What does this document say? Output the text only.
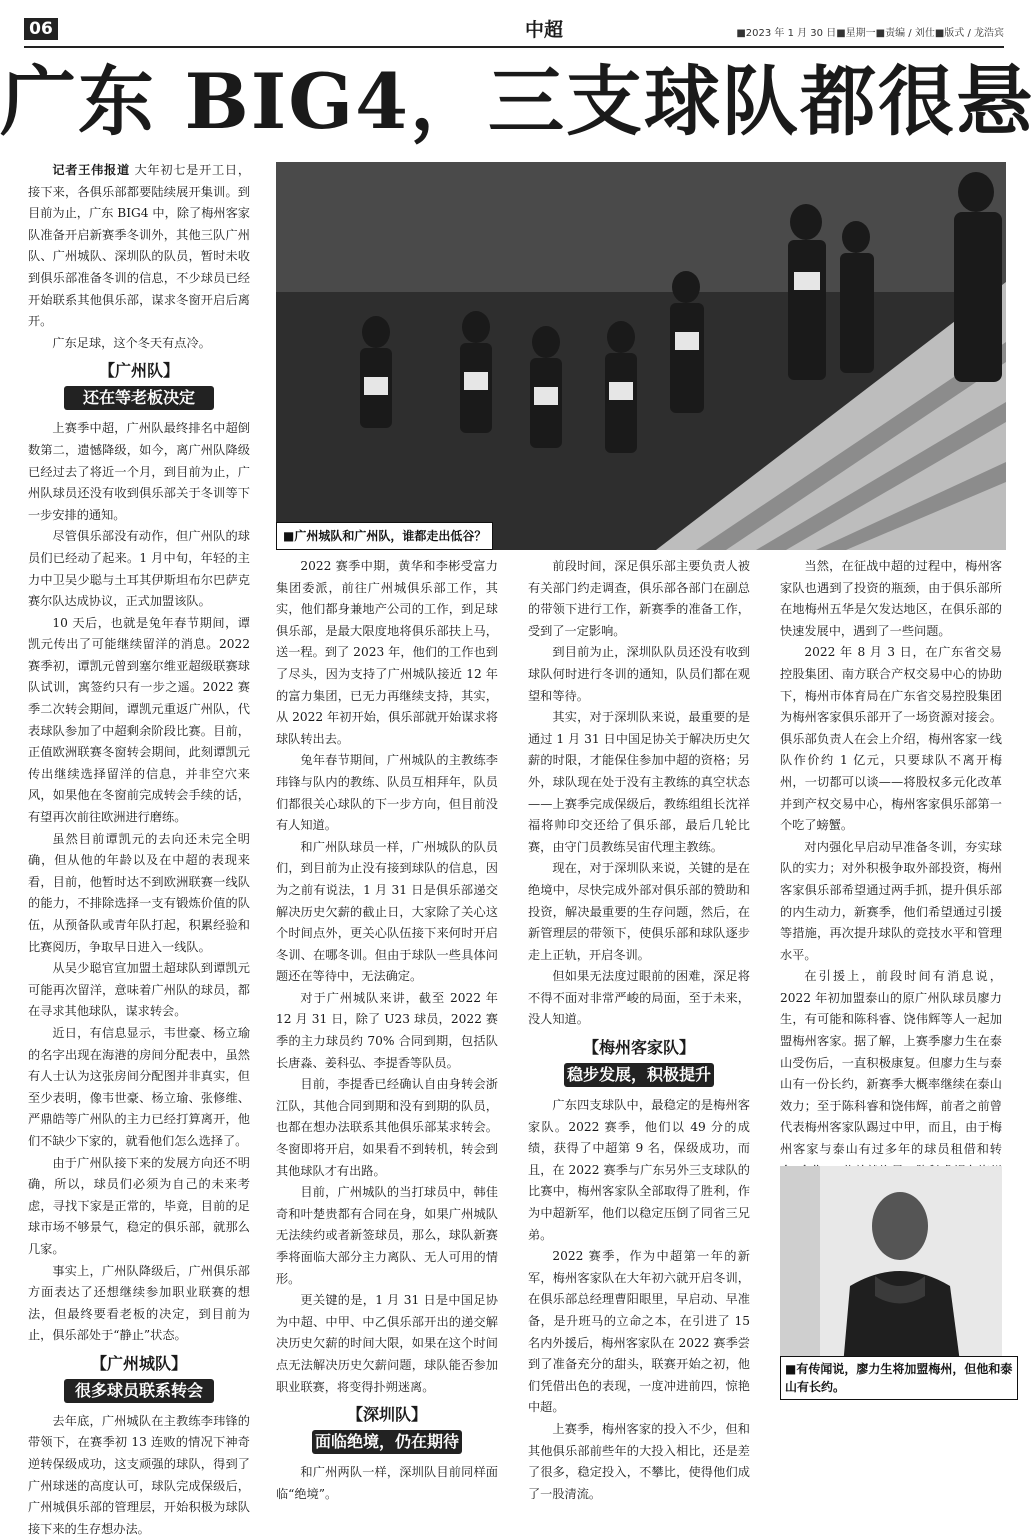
06	中超	■2023 年 1 月 30 日■星期一■责编 / 刘仕■版式 / 龙浩宾
广东 BIG4，三支球队都很悬

记者王伟报道 大年初七是开工日，接下来，各俱乐部都要陆续展开集训。到目前为止，广东 BIG4 中，除了梅州客家队准备开启新赛季冬训外，其他三队广州队、广州城队、深圳队的队员，暂时未收到俱乐部准备冬训的信息，不少球员已经开始联系其他俱乐部，谋求冬窗开启后离开。

广东足球，这个冬天有点冷。

【广州队】
还在等老板决定

上赛季中超，广州队最终排名中超倒数第二，遗憾降级，如今，离广州队降级已经过去了将近一个月，到目前为止，广州队球员还没有收到俱乐部关于冬训等下一步安排的通知。

尽管俱乐部没有动作，但广州队的球员们已经动了起来。1 月中旬，年轻的主力中卫吴少聪与土耳其伊斯坦布尔巴萨克赛尔队达成协议，正式加盟该队。

10 天后，也就是兔年春节期间，谭凯元传出了可能继续留洋的消息。2022 赛季初，谭凯元曾到塞尔维亚超级联赛球队试训，寓签约只有一步之遥。2022 赛季二次转会期间，谭凯元重返广州队，代表球队参加了中超剩余阶段比赛。目前，正值欧洲联赛冬窗转会期间，此刻谭凯元传出继续选择留洋的信息，并非空穴来风，如果他在冬窗前完成转会手续的话，有望再次前往欧洲进行磨练。

虽然目前谭凯元的去向还未完全明确，但从他的年龄以及在中超的表现来看，目前，他暂时达不到欧洲联赛一线队的能力，不排除选择一支有锻炼价值的队伍，从预备队或青年队打起，积累经验和比赛阅历，争取早日进入一线队。

从吴少聪官宣加盟土超球队到谭凯元可能再次留洋，意味着广州队的球员，都在寻求其他球队，谋求转会。

近日，有信息显示，韦世豪、杨立瑜的名字出现在海港的房间分配表中，虽然有人士认为这张房间分配图并非真实，但至少表明，像韦世豪、杨立瑜、张修维、严鼎皓等广州队的主力已经打算离开，他们不缺少下家的，就看他们怎么选择了。

由于广州队接下来的发展方向还不明确，所以，球员们必须为自己的未来考虑，寻找下家是正常的，毕竟，目前的足球市场不够景气，稳定的俱乐部，就那么几家。

事实上，广州队降级后，广州俱乐部方面表达了还想继续参加职业联赛的想法，但最终要看老板的决定，到目前为止，俱乐部处于“静止”状态。

【广州城队】
很多球员联系转会

去年底，广州城队在主教练李玮锋的带领下，在赛季初 13 连败的情况下神奇逆转保级成功，这支顽强的球队，得到了广州球迷的高度认可，球队完成保级后，广州城俱乐部的管理层，开始积极为球队接下来的生存想办法。

■广州城队和广州队，谁都走出低谷？

2022 赛季中期，黄华和李彬受富力集团委派，前往广州城俱乐部工作，其实，他们都身兼地产公司的工作，到足球俱乐部，是最大限度地将俱乐部扶上马，送一程。到了 2023 年，他们的工作也到了尽头，因为支持了广州城队接近 12 年的富力集团，已无力再继续支持，其实，从 2022 年初开始，俱乐部就开始谋求将球队转出去。

兔年春节期间，广州城队的主教练李玮锋与队内的教练、队员互相拜年，队员们都很关心球队的下一步方向，但目前没有人知道。

和广州队球员一样，广州城队的队员们，到目前为止没有接到球队的信息，因为之前有说法，1 月 31 日是俱乐部递交解决历史欠薪的截止日，大家除了关心这个时间点外，更关心队伍接下来何时开启冬训、在哪冬训。但由于球队一些具体问题还在等待中，无法确定。

对于广州城队来讲，截至 2022 年 12 月 31 日，除了 U23 球员，2022 赛季的主力球员约 70% 合同到期，包括队长唐淼、姜科弘、李提香等队员。

目前，李提香已经确认自由身转会浙江队，其他合同到期和没有到期的队员，也都在想办法联系其他俱乐部某求转会。冬窗即将开启，如果看不到转机，转会到其他球队才有出路。

目前，广州城队的当打球员中，韩佳奇和叶楚贵都有合同在身，如果广州城队无法续约或者新签球员，那么，球队新赛季将面临大部分主力离队、无人可用的情形。

更关键的是，1 月 31 日是中国足协为中超、中甲、中乙俱乐部开出的递交解决历史欠薪的时间大限，如果在这个时间点无法解决历史欠薪问题，球队能否参加职业联赛，将变得扑朔迷离。

【深圳队】
面临绝境，仍在期待

和广州两队一样，深圳队目前同样面临“绝境”。

前段时间，深足俱乐部主要负责人被有关部门约走调查，俱乐部各部门在副总的带领下进行工作，新赛季的准备工作，受到了一定影响。

到目前为止，深圳队队员还没有收到球队何时进行冬训的通知，队员们都在观望和等待。

其实，对于深圳队来说，最重要的是通过 1 月 31 日中国足协关于解决历史欠薪的时限，才能保住参加中超的资格；另外，球队现在处于没有主教练的真空状态——上赛季完成保级后，教练组组长沈祥福将帅印交还给了俱乐部，最后几轮比赛，由守门员教练吴宙代理主教练。

现在，对于深圳队来说，关键的是在绝境中，尽快完成外部对俱乐部的赞助和投资，解决最重要的生存问题，然后，在新管理层的带领下，使俱乐部和球队逐步走上正轨，开启冬训。

但如果无法度过眼前的困难，深足将不得不面对非常严峻的局面，至于未来，没人知道。

【梅州客家队】
稳步发展，积极提升

广东四支球队中，最稳定的是梅州客家队。2022 赛季，他们以 49 分的成绩，获得了中超第 9 名，保级成功，而且，在 2022 赛季与广东另外三支球队的比赛中，梅州客家队全部取得了胜利，作为中超新军，他们以稳定压倒了同省三兄弟。

2022 赛季，作为中超第一年的新军，梅州客家队在大年初六就开启冬训，在俱乐部总经理曹阳眼里，早启动、早准备，是升班马的立命之本，在引进了 15 名内外援后，梅州客家队在 2022 赛季尝到了准备充分的甜头，联赛开始之初，他们凭借出色的表现，一度冲进前四，惊艳中超。

上赛季，梅州客家的投入不少，但和其他俱乐部前些年的大投入相比，还是差了很多，稳定投入，不攀比，使得他们成了一股清流。

当然，在征战中超的过程中，梅州客家队也遇到了投资的瓶颈，由于俱乐部所在地梅州五华是欠发达地区，在俱乐部的快速发展中，遇到了一些问题。

2022 年 8 月 3 日，在广东省交易控股集团、南方联合产权交易中心的协助下，梅州市体育局在广东省交易控股集团为梅州客家俱乐部开了一场资源对接会。俱乐部负责人在会上介绍，梅州客家一线队作价约 1 亿元，只要球队不离开梅州，一切都可以谈——将股权多元化改革并到产权交易中心，梅州客家俱乐部第一个吃了螃蟹。

对内强化早启动早准备冬训，夯实球队的实力；对外积极争取外部投资，梅州客家俱乐部希望通过两手抓，提升俱乐部的内生动力，新赛季，他们希望通过引援等措施，再次提升球队的竞技水平和管理水平。

在引援上，前段时间有消息说，2022 年初加盟泰山的原广州队球员廖力生，有可能和陈科睿、饶伟辉等人一起加盟梅州客家。据了解，上赛季廖力生在泰山受伤后，一直积极康复。但廖力生与泰山有一份长约，新赛季大概率继续在泰山效力；至于陈科睿和饶伟辉，前者之前曾代表梅州客家队踢过中甲，而且，由于梅州客家与泰山有过多年的球员租借和转

■有传闻说，廖力生将加盟梅州，但他和泰山有长约。
